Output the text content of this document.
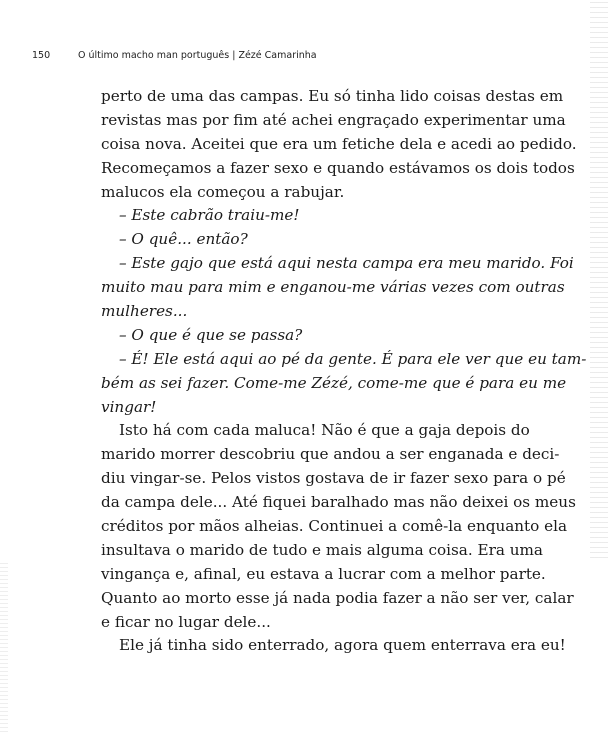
150	O último macho man português | Zézé Camarinha
perto de uma das campas. Eu só tinha lido coisas destas em
revistas mas por fim até achei engraçado experimentar uma
coisa nova. Aceitei que era um fetiche dela e acedi ao pedido.
Recomeçamos a fazer sexo e quando estávamos os dois todos
malucos ela começou a rabujar.
– Este cabrão traiu-me!
– O quê... então?
– Este gajo que está aqui nesta campa era meu marido. Foi
muito mau para mim e enganou-me várias vezes com outras
mulheres...
– O que é que se passa?
– É! Ele está aqui ao pé da gente. É para ele ver que eu tam-
bém as sei fazer. Come-me Zézé, come-me que é para eu me
vingar!
Isto há com cada maluca! Não é que a gaja depois do
marido morrer descobriu que andou a ser enganada e deci-
diu vingar-se. Pelos vistos gostava de ir fazer sexo para o pé
da campa dele... Até fiquei baralhado mas não deixei os meus
créditos por mãos alheias. Continuei a comê-la enquanto ela
insultava o marido de tudo e mais alguma coisa. Era uma
vingança e, afinal, eu estava a lucrar com a melhor parte.
Quanto ao morto esse já nada podia fazer a não ser ver, calar
e ficar no lugar dele...
Ele já tinha sido enterrado, agora quem enterrava era eu!
